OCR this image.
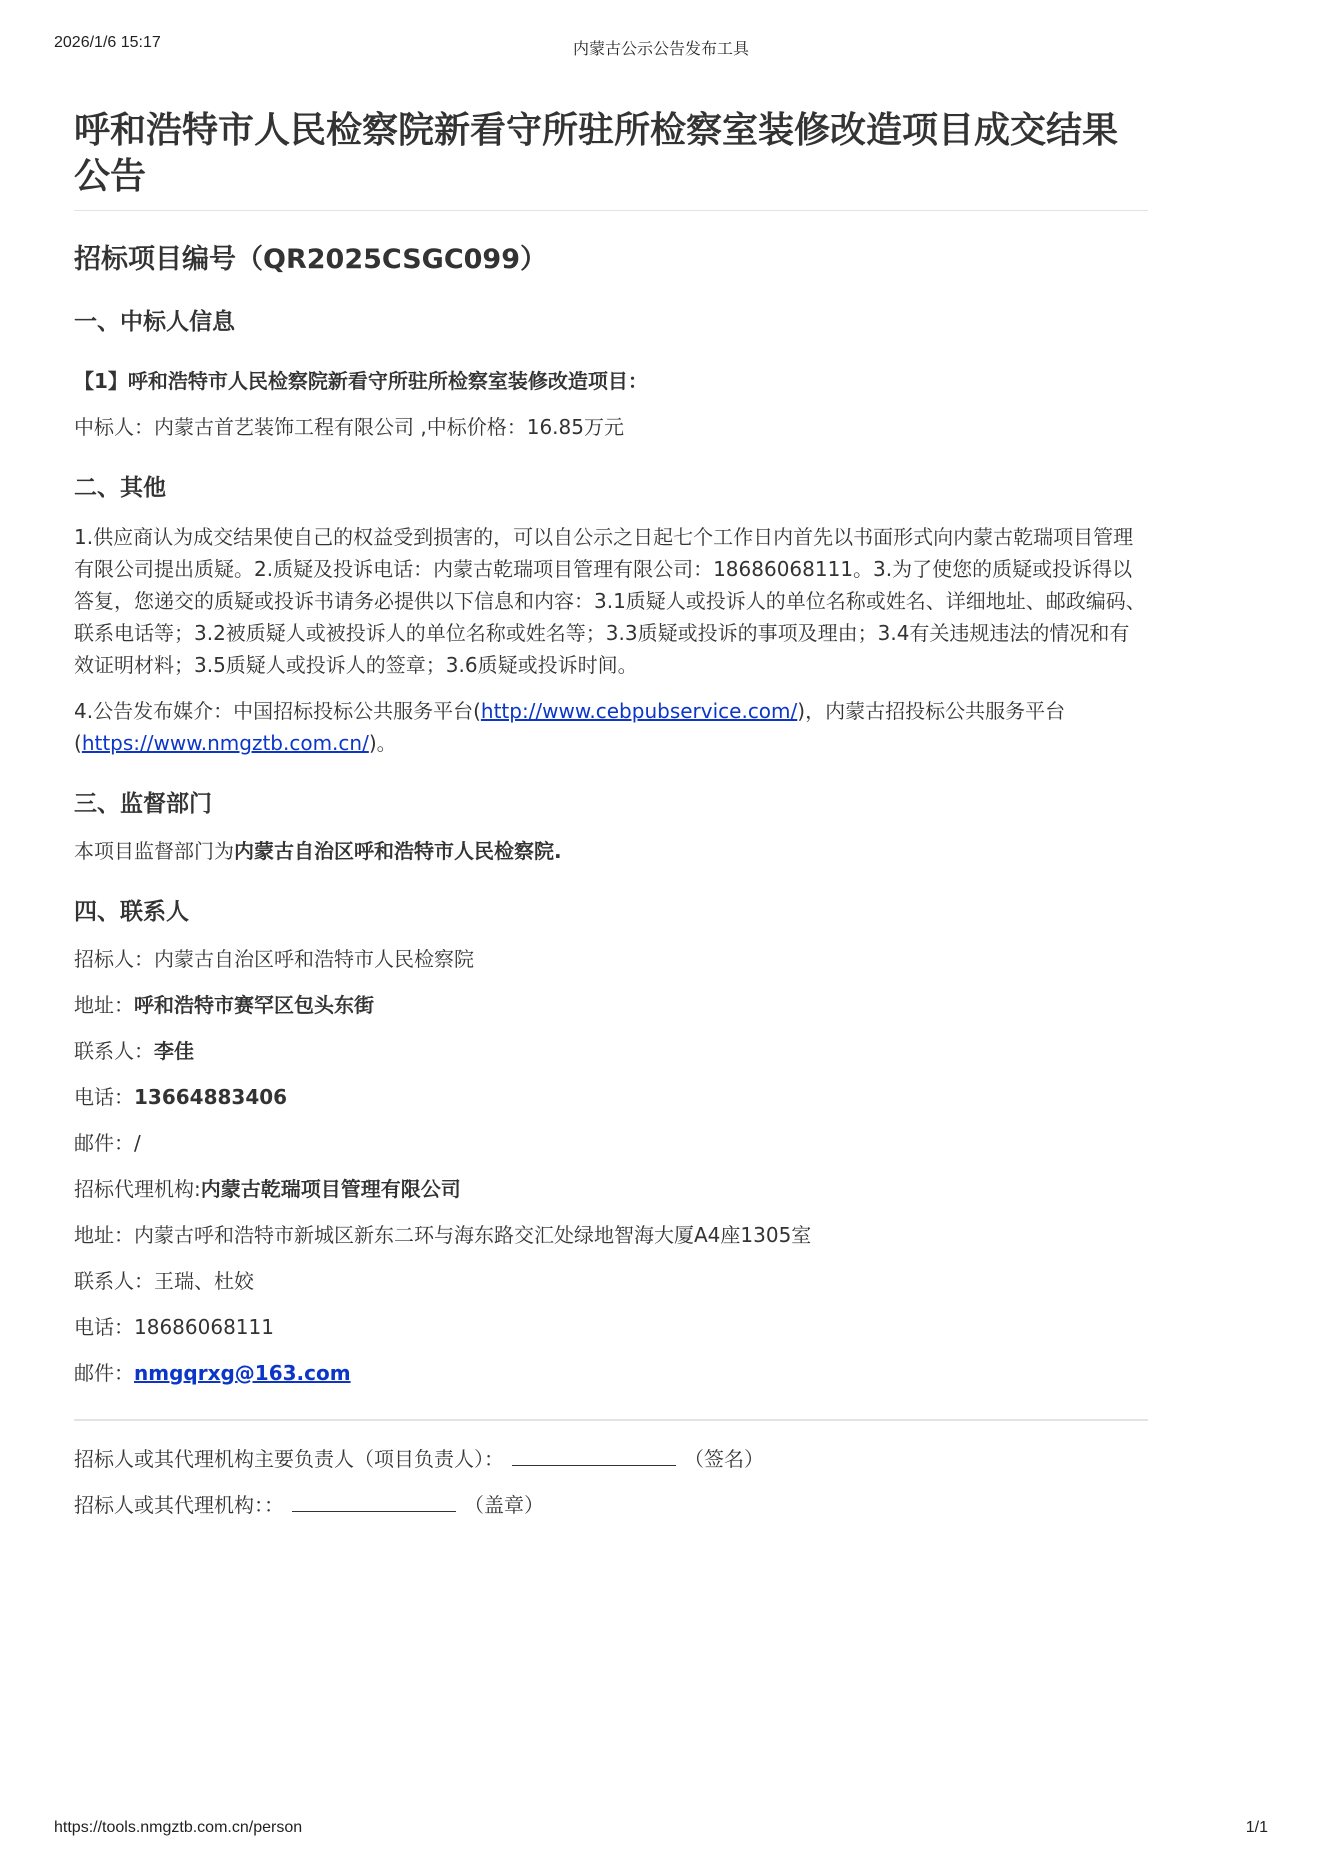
2026/1/6 15:17	内蒙古公示公告发布工具
呼和浩特市人民检察院新看守所驻所检察室装修改造项目成交结果公告
招标项目编号（QR2025CSGC099）
一、中标人信息

【1】呼和浩特市人民检察院新看守所驻所检察室装修改造项目：

中标人：内蒙古首艺装饰工程有限公司 ,中标价格：16.85万元

二、其他

1.供应商认为成交结果使自己的权益受到损害的，可以自公示之日起七个工作日内首先以书面形式向内蒙古乾瑞项目管理有限公司提出质疑。2.质疑及投诉电话：内蒙古乾瑞项目管理有限公司：18686068111。3.为了使您的质疑或投诉得以答复，您递交的质疑或投诉书请务必提供以下信息和内容：3.1质疑人或投诉人的单位名称或姓名、详细地址、邮政编码、联系电话等；3.2被质疑人或被投诉人的单位名称或姓名等；3.3质疑或投诉的事项及理由；3.4有关违规违法的情况和有效证明材料；3.5质疑人或投诉人的签章；3.6质疑或投诉时间。

4.公告发布媒介：中国招标投标公共服务平台(http://www.cebpubservice.com/)，内蒙古招投标公共服务平台(https://www.nmgztb.com.cn/)。

三、监督部门

本项目监督部门为内蒙古自治区呼和浩特市人民检察院.

四、联系人

招标人：内蒙古自治区呼和浩特市人民检察院

地址：呼和浩特市赛罕区包头东街

联系人：李佳

电话：13664883406

邮件：/

招标代理机构:内蒙古乾瑞项目管理有限公司

地址：内蒙古呼和浩特市新城区新东二环与海东路交汇处绿地智海大厦A4座1305室

联系人：王瑞、杜姣

电话：18686068111

邮件：nmgqrxg@163.com

招标人或其代理机构主要负责人（项目负责人）：	（签名）

招标人或其代理机构：：	（盖章）

https://tools.nmgztb.com.cn/person	1/1
